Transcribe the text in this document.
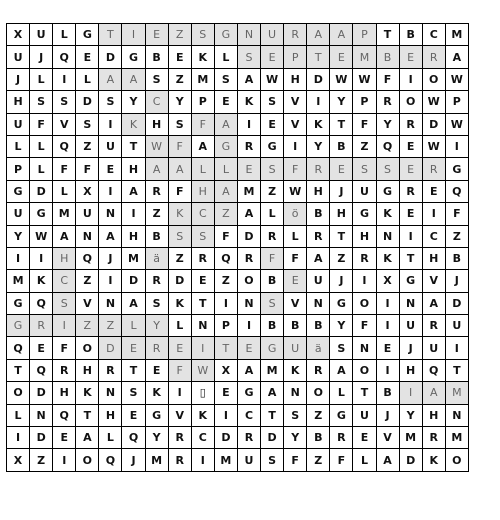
X	U	L	G	T	I	E	Z	S	G	N	U	R	A	A	P	T	B	C	M
U	J	Q	E	D	G	B	E	K	L	S	E	P	T	E	M	B	E	R	A
J	L	I	L	A	A	S	Z	M	S	A	W	H	D	W	W	F	I	O	W
H	S	S	D	S	Y	C	Y	P	E	K	S	V	I	Y	P	R	O	W	P
U	F	V	S	I	K	H	S	F	A	I	E	V	K	T	F	Y	R	D	W
L	L	Q	Z	U	T	W	F	A	G	R	G	I	Y	B	Z	Q	E	W	I
P	L	F	F	E	H	A	A	L	L	E	S	F	R	E	S	S	E	R	G
G	D	L	X	I	A	R	F	H	A	M	Z	W	H	J	U	G	R	E	Q
U	G	M	U	N	I	Z	K	C	Z	A	L	ö	B	H	G	K	E	I	F
Y	W	A	N	A	H	B	S	S	F	D	R	L	R	T	H	N	I	C	Z
I	I	H	Q	J	M	ä	Z	R	Q	R	F	F	A	Z	R	K	T	H	B
M	K	C	Z	I	D	R	D	E	Z	O	B	E	U	J	I	X	G	V	J
G	Q	S	V	N	A	S	K	T	I	N	S	V	N	G	O	I	N	A	D
G	R	I	Z	Z	L	Y	L	N	P	I	B	B	B	Y	F	I	U	R	U
Q	E	F	O	D	E	R	E	I	T	E	G	U	ä	S	N	E	J	U	I
T	Q	R	H	R	T	E	F	W	X	A	M	K	R	A	O	I	H	Q	T
O	D	H	K	N	S	K	I	▯	E	G	A	N	O	L	T	B	I	A	M
L	N	Q	T	H	E	G	V	K	I	C	T	S	Z	G	U	J	Y	H	N
I	D	E	A	L	Q	Y	R	C	D	R	D	Y	B	R	E	V	M	R	M
X	Z	I	O	Q	J	M	R	I	M	U	S	F	Z	F	L	A	D	K	O
